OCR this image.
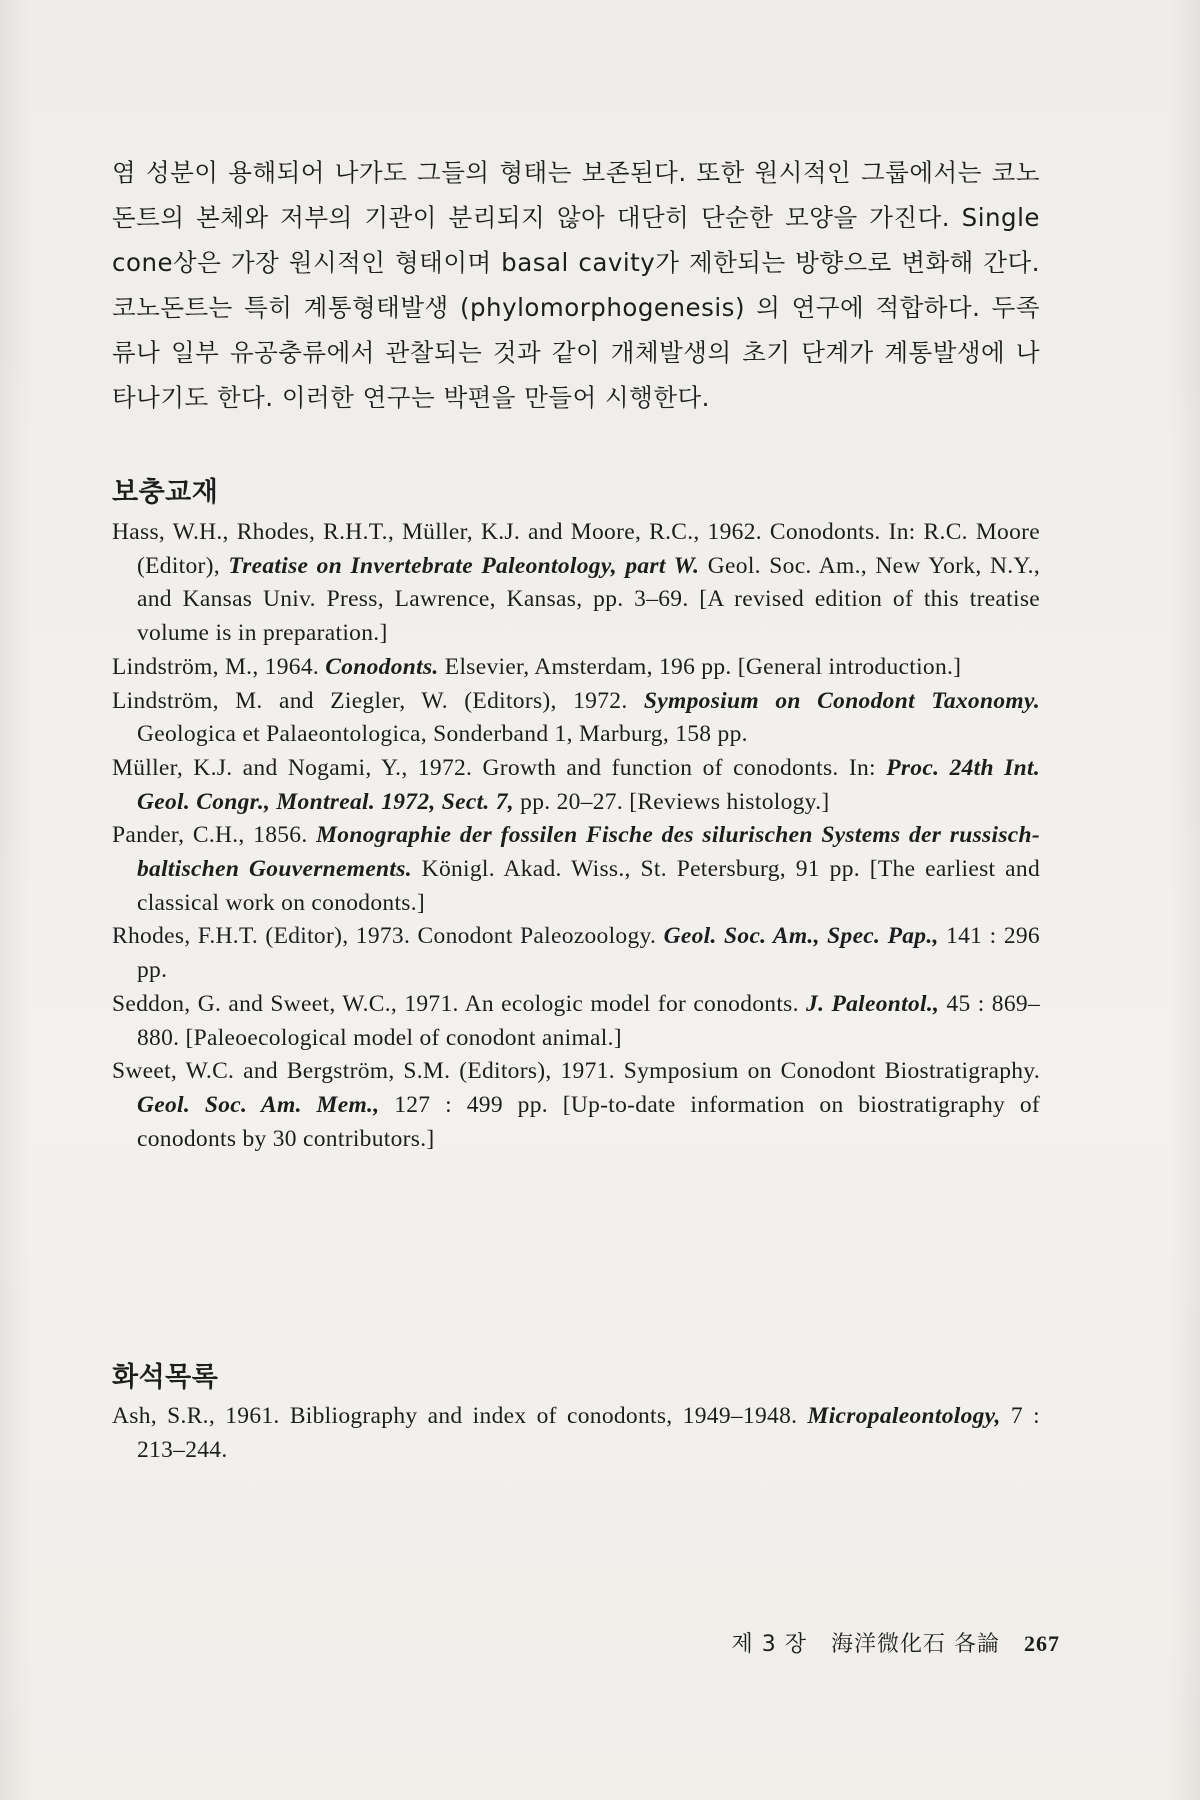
염 성분이 용해되어 나가도 그들의 형태는 보존된다. 또한 원시적인 그룹에서는 코노돈트의 본체와 저부의 기관이 분리되지 않아 대단히 단순한 모양을 가진다. Single cone상은 가장 원시적인 형태이며 basal cavity가 제한되는 방향으로 변화해 간다. 코노돈트는 특히 계통형태발생 (phylomorphogenesis) 의 연구에 적합하다. 두족류나 일부 유공충류에서 관찰되는 것과 같이 개체발생의 초기 단계가 계통발생에 나타나기도 한다. 이러한 연구는 박편을 만들어 시행한다.

보충교재

Hass, W.H., Rhodes, R.H.T., Müller, K.J. and Moore, R.C., 1962. Conodonts. In: R.C. Moore (Editor), Treatise on Invertebrate Paleontology, part W. Geol. Soc. Am., New York, N.Y., and Kansas Univ. Press, Lawrence, Kansas, pp. 3–69. [A revised edition of this treatise volume is in preparation.]

Lindström, M., 1964. Conodonts. Elsevier, Amsterdam, 196 pp. [General introduction.]

Lindström, M. and Ziegler, W. (Editors), 1972. Symposium on Conodont Taxonomy. Geologica et Palaeontologica, Sonderband 1, Marburg, 158 pp.

Müller, K.J. and Nogami, Y., 1972. Growth and function of conodonts. In: Proc. 24th Int. Geol. Congr., Montreal. 1972, Sect. 7, pp. 20–27. [Reviews histology.]

Pander, C.H., 1856. Monographie der fossilen Fische des silurischen Systems der russisch-baltischen Gouvernements. Königl. Akad. Wiss., St. Petersburg, 91 pp. [The earliest and classical work on conodonts.]

Rhodes, F.H.T. (Editor), 1973. Conodont Paleozoology. Geol. Soc. Am., Spec. Pap., 141 : 296 pp.

Seddon, G. and Sweet, W.C., 1971. An ecologic model for conodonts. J. Paleontol., 45 : 869–880. [Paleoecological model of conodont animal.]

Sweet, W.C. and Bergström, S.M. (Editors), 1971. Symposium on Conodont Biostratigraphy. Geol. Soc. Am. Mem., 127 : 499 pp. [Up-to-date information on biostratigraphy of conodonts by 30 contributors.]

화석목록

Ash, S.R., 1961. Bibliography and index of conodonts, 1949–1948. Micropaleontology, 7 : 213–244.

제 3 장 海洋微化石 各論 267
